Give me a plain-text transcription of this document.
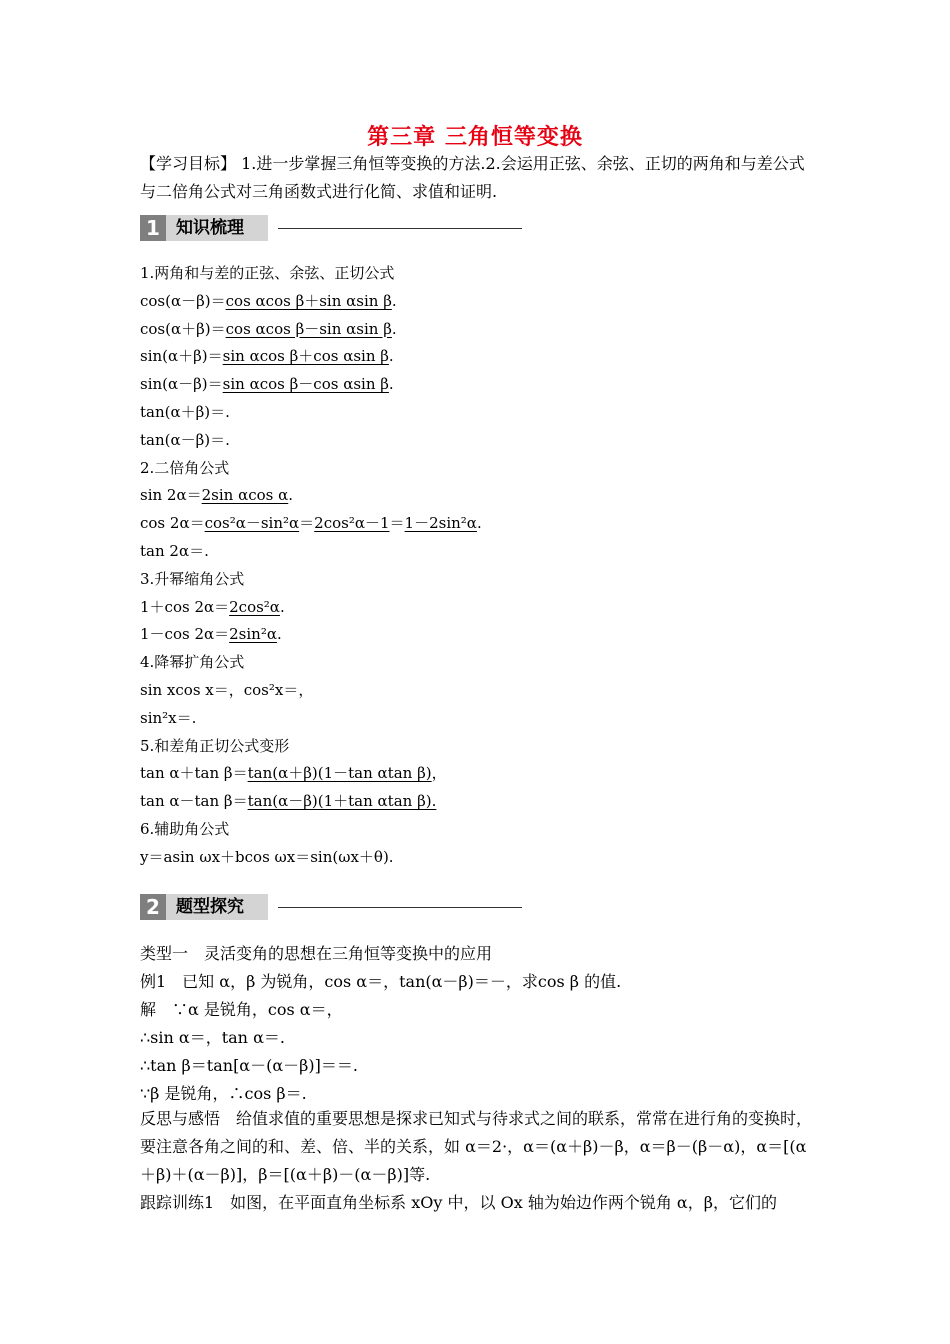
第三章 三角恒等变换
【学习目标】 1.进一步掌握三角恒等变换的方法.2.会运用正弦、余弦、正切的两角和与差公式与二倍角公式对三角函数式进行化简、求值和证明.
1 知识梳理
1.两角和与差的正弦、余弦、正切公式
cos(α－β)＝cos αcos β＋sin αsin β.
cos(α＋β)＝cos αcos β－sin αsin β.
sin(α＋β)＝sin αcos β＋cos αsin β.
sin(α－β)＝sin αcos β－cos αsin β.
tan(α＋β)＝.
tan(α－β)＝.
2.二倍角公式
sin 2α＝2sin αcos α.
cos 2α＝cos²α－sin²α＝2cos²α－1＝1－2sin²α.
tan 2α＝.
3.升幂缩角公式
1＋cos 2α＝2cos²α.
1－cos 2α＝2sin²α.
4.降幂扩角公式
sin xcos x＝，cos²x＝，
sin²x＝.
5.和差角正切公式变形
tan α＋tan β＝tan(α＋β)(1－tan αtan β)，
tan α－tan β＝tan(α－β)(1＋tan αtan β).
6.辅助角公式
y＝asin ωx＋bcos ωx＝sin(ωx＋θ).
2 题型探究
类型一　灵活变角的思想在三角恒等变换中的应用
例1　已知 α，β 为锐角，cos α＝，tan(α－β)＝－，求cos β 的值.
解　∵α 是锐角，cos α＝，
∴sin α＝，tan α＝.
∴tan β＝tan[α－(α－β)]＝＝.
∵β 是锐角，∴cos β＝.
反思与感悟　给值求值的重要思想是探求已知式与待求式之间的联系，常常在进行角的变换时，要注意各角之间的和、差、倍、半的关系，如 α＝2·，α＝(α＋β)－β，α＝β－(β－α)，α＝[(α＋β)＋(α－β)]，β＝[(α＋β)－(α－β)]等.
跟踪训练1　如图，在平面直角坐标系 xOy 中，以 Ox 轴为始边作两个锐角 α，β，它们的
